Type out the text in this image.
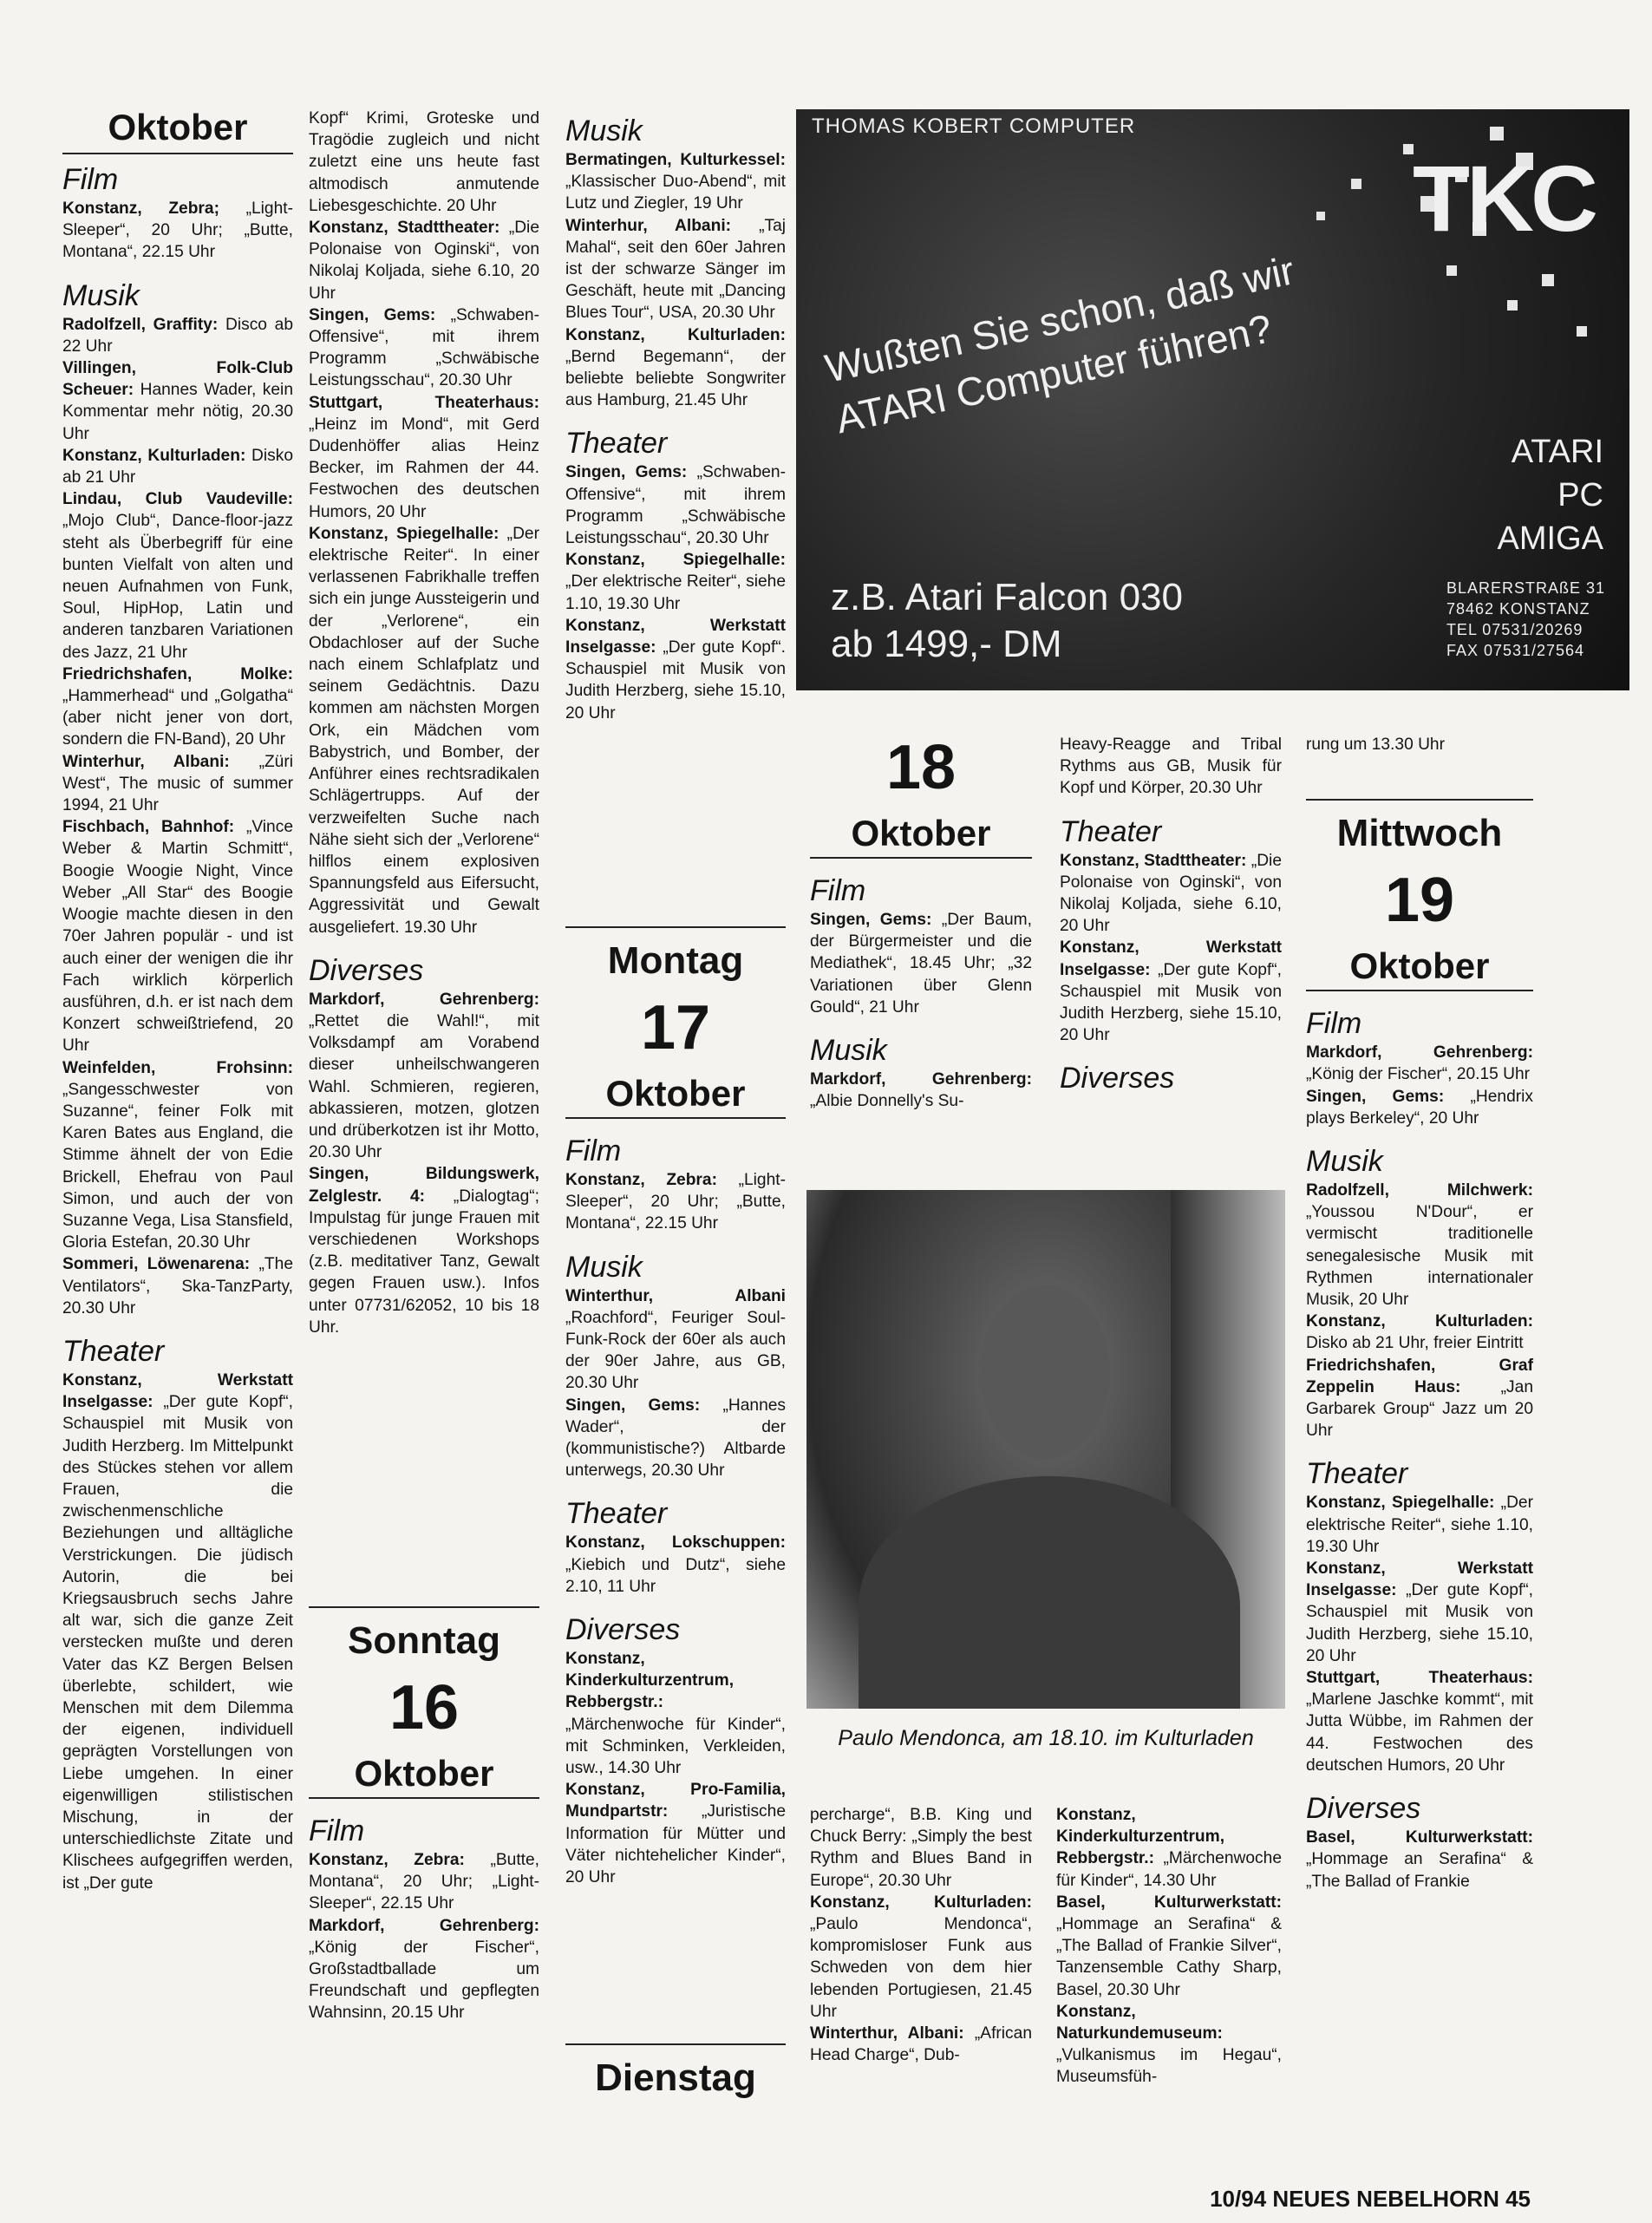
Oktober
Film

Konstanz, Zebra; „Light-Sleeper“, 20 Uhr; „Butte, Montana“, 22.15 Uhr

Musik

Radolfzell, Graffity: Disco ab 22 Uhr

Villingen, Folk-Club Scheuer: Hannes Wader, kein Kommentar mehr nötig, 20.30 Uhr

Konstanz, Kulturladen: Disko ab 21 Uhr

Lindau, Club Vaudeville: „Mojo Club“, Dance-floor-jazz steht als Überbegriff für eine bunten Vielfalt von alten und neuen Aufnahmen von Funk, Soul, HipHop, Latin und anderen tanzbaren Variationen des Jazz, 21 Uhr

Friedrichshafen, Molke: „Hammerhead“ und „Golgatha“ (aber nicht jener von dort, sondern die FN-Band), 20 Uhr

Winterhur, Albani: „Züri West“, The music of summer 1994, 21 Uhr

Fischbach, Bahnhof: „Vince Weber & Martin Schmitt“, Boogie Woogie Night, Vince Weber „All Star“ des Boogie Woogie machte diesen in den 70er Jahren populär - und ist auch einer der wenigen die ihr Fach wirklich körperlich ausführen, d.h. er ist nach dem Konzert schweißtriefend, 20 Uhr

Weinfelden, Frohsinn: „Sangesschwester von Suzanne“, feiner Folk mit Karen Bates aus England, die Stimme ähnelt der von Edie Brickell, Ehefrau von Paul Simon, und auch der von Suzanne Vega, Lisa Stansfield, Gloria Estefan, 20.30 Uhr

Sommeri, Löwenarena: „The Ventilators“, Ska-TanzParty, 20.30 Uhr

Theater

Konstanz, Werkstatt Inselgasse: „Der gute Kopf“, Schauspiel mit Musik von Judith Herzberg. Im Mittelpunkt des Stückes stehen vor allem Frauen, die zwischenmenschliche Beziehungen und alltägliche Verstrickungen. Die jüdisch Autorin, die bei Kriegsausbruch sechs Jahre alt war, sich die ganze Zeit verstecken mußte und deren Vater das KZ Bergen Belsen überlebte, schildert, wie Menschen mit dem Dilemma der eigenen, individuell geprägten Vorstellungen von Liebe umgehen. In einer eigenwilligen stilistischen Mischung, in der unterschiedlichste Zitate und Klischees aufgegriffen werden, ist „Der gute

Kopf“ Krimi, Groteske und Tragödie zugleich und nicht zuletzt eine uns heute fast altmodisch anmutende Liebesgeschichte. 20 Uhr

Konstanz, Stadttheater: „Die Polonaise von Oginski“, von Nikolaj Koljada, siehe 6.10, 20 Uhr

Singen, Gems: „Schwaben-Offensive“, mit ihrem Programm „Schwäbische Leistungsschau“, 20.30 Uhr

Stuttgart, Theaterhaus: „Heinz im Mond“, mit Gerd Dudenhöffer alias Heinz Becker, im Rahmen der 44. Festwochen des deutschen Humors, 20 Uhr

Konstanz, Spiegelhalle: „Der elektrische Reiter“. In einer verlassenen Fabrikhalle treffen sich ein junge Aussteigerin und der „Verlorene“, ein Obdachloser auf der Suche nach einem Schlafplatz und seinem Gedächtnis. Dazu kommen am nächsten Morgen Ork, ein Mädchen vom Babystrich, und Bomber, der Anführer eines rechtsradikalen Schlägertrupps. Auf der verzweifelten Suche nach Nähe sieht sich der „Verlorene“ hilflos einem explosiven Spannungsfeld aus Eifersucht, Aggressivität und Gewalt ausgeliefert. 19.30 Uhr

Diverses

Markdorf, Gehrenberg: „Rettet die Wahl!“, mit Volksdampf am Vorabend dieser unheilschwangeren Wahl. Schmieren, regieren, abkassieren, motzen, glotzen und drüberkotzen ist ihr Motto, 20.30 Uhr

Singen, Bildungswerk, Zelglestr. 4: „Dialogtag“; Impulstag für junge Frauen mit verschiedenen Workshops (z.B. meditativer Tanz, Gewalt gegen Frauen usw.). Infos unter 07731/62052, 10 bis 18 Uhr.

Sonntag
16
Oktober
Film

Konstanz, Zebra: „Butte, Montana“, 20 Uhr; „Light-Sleeper“, 22.15 Uhr

Markdorf, Gehrenberg: „König der Fischer“, Großstadtballade um Freundschaft und gepflegten Wahnsinn, 20.15 Uhr

Musik

Bermatingen, Kulturkessel: „Klassischer Duo-Abend“, mit Lutz und Ziegler, 19 Uhr

Winterhur, Albani: „Taj Mahal“, seit den 60er Jahren ist der schwarze Sänger im Geschäft, heute mit „Dancing Blues Tour“, USA, 20.30 Uhr

Konstanz, Kulturladen: „Bernd Begemann“, der beliebte beliebte Songwriter aus Hamburg, 21.45 Uhr

Theater

Singen, Gems: „Schwaben-Offensive“, mit ihrem Programm „Schwäbische Leistungsschau“, 20.30 Uhr

Konstanz, Spiegelhalle: „Der elektrische Reiter“, siehe 1.10, 19.30 Uhr

Konstanz, Werkstatt Inselgasse: „Der gute Kopf“. Schauspiel mit Musik von Judith Herzberg, siehe 15.10, 20 Uhr

Montag
17
Oktober
Film

Konstanz, Zebra: „Light-Sleeper“, 20 Uhr; „Butte, Montana“, 22.15 Uhr

Musik

Winterthur, Albani „Roachford“, Feuriger Soul-Funk-Rock der 60er als auch der 90er Jahre, aus GB, 20.30 Uhr

Singen, Gems: „Hannes Wader“, der (kommunistische?) Altbarde unterwegs, 20.30 Uhr

Theater

Konstanz, Lokschuppen: „Kiebich und Dutz“, siehe 2.10, 11 Uhr

Diverses

Konstanz, Kinderkulturzentrum, Rebbergstr.: „Märchenwoche für Kinder“, mit Schminken, Verkleiden, usw., 14.30 Uhr

Konstanz, Pro-Familia, Mundpartstr: „Juristische Information für Mütter und Väter nichtehelicher Kinder“, 20 Uhr

Dienstag
THOMAS KOBERT COMPUTER
TKC
Wußten Sie schon, daß wir ATARI Computer führen?
ATARI
PC
AMIGA
z.B. Atari Falcon 030
ab 1499,- DM
BLARERSTRAßE 31
78462 KONSTANZ
TEL 07531/20269
FAX 07531/27564
18
Oktober
Film

Singen, Gems: „Der Baum, der Bürgermeister und die Mediathek“, 18.45 Uhr; „32 Variationen über Glenn Gould“, 21 Uhr

Musik

Markdorf, Gehrenberg: „Albie Donnelly's Su-

Paulo Mendonca, am 18.10. im Kulturladen

percharge“, B.B. King und Chuck Berry: „Simply the best Rythm and Blues Band in Europe“, 20.30 Uhr

Konstanz, Kulturladen: „Paulo Mendonca“, kompromisloser Funk aus Schweden von dem hier lebenden Portugiesen, 21.45 Uhr

Winterthur, Albani: „African Head Charge“, Dub-

Heavy-Reagge and Tribal Rythms aus GB, Musik für Kopf und Körper, 20.30 Uhr

Theater

Konstanz, Stadttheater: „Die Polonaise von Oginski“, von Nikolaj Koljada, siehe 6.10, 20 Uhr

Konstanz, Werkstatt Inselgasse: „Der gute Kopf“, Schauspiel mit Musik von Judith Herzberg, siehe 15.10, 20 Uhr

Diverses

Konstanz, Kinderkulturzentrum, Rebbergstr.: „Märchenwoche für Kinder“, 14.30 Uhr

Basel, Kulturwerkstatt: „Hommage an Serafina“ & „The Ballad of Frankie Silver“, Tanzensemble Cathy Sharp, Basel, 20.30 Uhr

Konstanz, Naturkundemuseum: „Vulkanismus im Hegau“, Museumsfüh-

rung um 13.30 Uhr

Mittwoch
19
Oktober
Film

Markdorf, Gehrenberg: „König der Fischer“, 20.15 Uhr

Singen, Gems: „Hendrix plays Berkeley“, 20 Uhr

Musik

Radolfzell, Milchwerk: „Youssou N'Dour“, er vermischt traditionelle senegalesische Musik mit Rythmen internationaler Musik, 20 Uhr

Konstanz, Kulturladen: Disko ab 21 Uhr, freier Eintritt

Friedrichshafen, Graf Zeppelin Haus: „Jan Garbarek Group“ Jazz um 20 Uhr

Theater

Konstanz, Spiegelhalle: „Der elektrische Reiter“, siehe 1.10, 19.30 Uhr

Konstanz, Werkstatt Inselgasse: „Der gute Kopf“, Schauspiel mit Musik von Judith Herzberg, siehe 15.10, 20 Uhr

Stuttgart, Theaterhaus: „Marlene Jaschke kommt“, mit Jutta Wübbe, im Rahmen der 44. Festwochen des deutschen Humors, 20 Uhr

Diverses

Basel, Kulturwerkstatt: „Hommage an Serafina“ & „The Ballad of Frankie

10/94 NEUES NEBELHORN 45
